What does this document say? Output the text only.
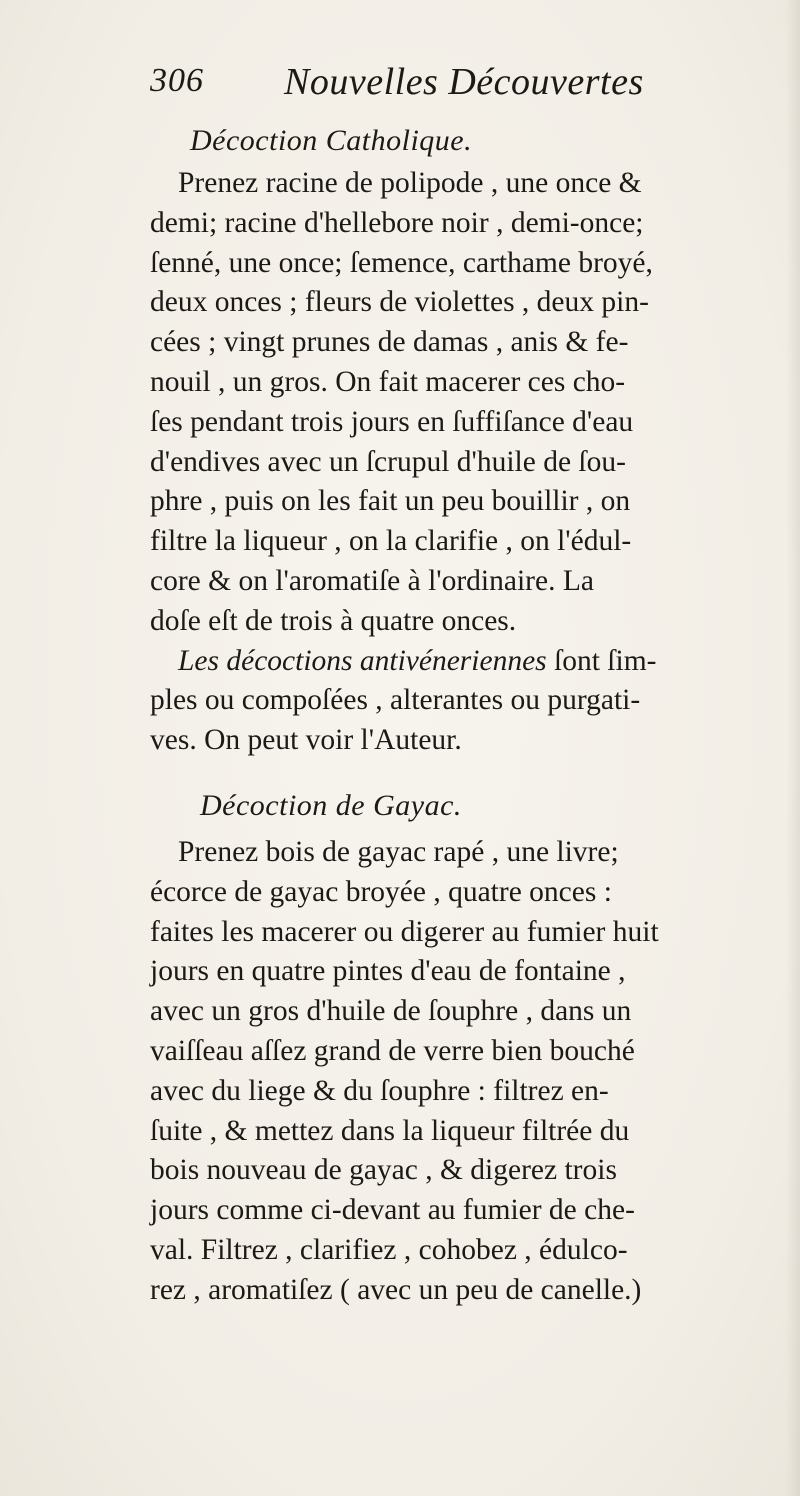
306 Nouvelles Découvertes
Décoction Catholique.
Prenez racine de polipode , une once &
demi; racine d'hellebore noir , demi-once;
ſenné, une once; ſemence, carthame broyé,
deux onces ; fleurs de violettes , deux pin-
cées ; vingt prunes de damas , anis & fe-
nouil , un gros. On fait macerer ces cho-
ſes pendant trois jours en ſuffiſance d'eau
d'endives avec un ſcrupul d'huile de ſou-
phre , puis on les fait un peu bouillir , on
filtre la liqueur , on la clarifie , on l'édul-
core & on l'aromatiſe à l'ordinaire. La
doſe eſt de trois à quatre onces.
Les décoctions antivéneriennes ſont ſim-
ples ou compoſées , alterantes ou purgati-
ves. On peut voir l'Auteur.
Décoction de Gayac.
Prenez bois de gayac rapé , une livre;
écorce de gayac broyée , quatre onces :
faites les macerer ou digerer au fumier huit
jours en quatre pintes d'eau de fontaine ,
avec un gros d'huile de ſouphre , dans un
vaiſſeau aſſez grand de verre bien bouché
avec du liege & du ſouphre : filtrez en-
ſuite , & mettez dans la liqueur filtrée du
bois nouveau de gayac , & digerez trois
jours comme ci-devant au fumier de che-
val. Filtrez , clarifiez , cohobez , édulco-
rez , aromatiſez ( avec un peu de canelle.)
